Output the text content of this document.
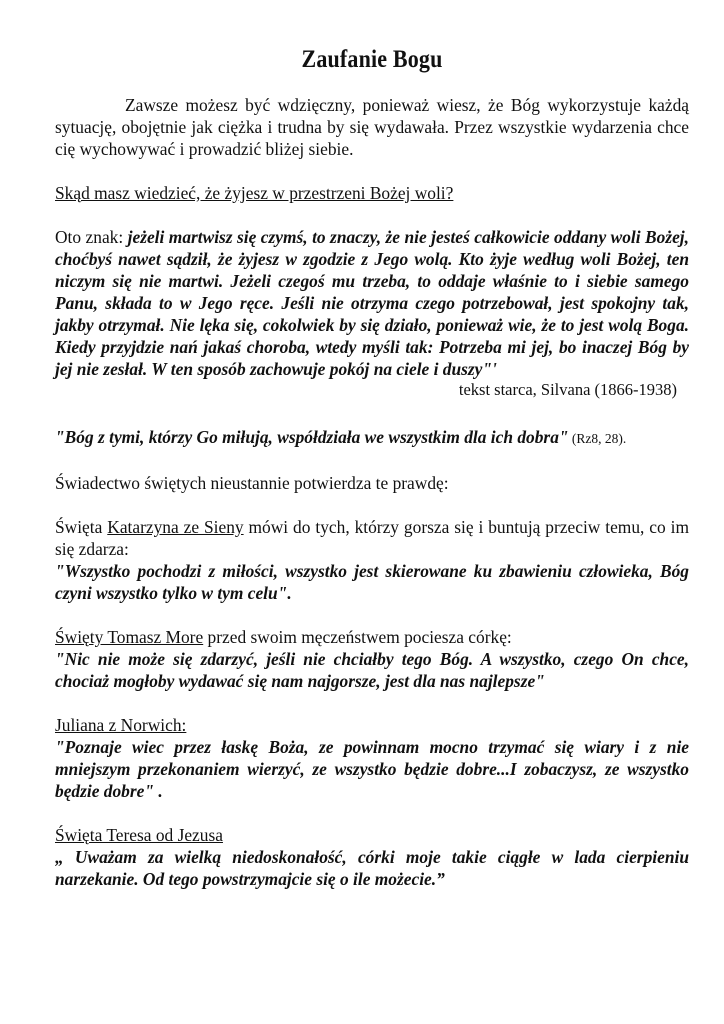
Zaufanie Bogu

Zawsze możesz być wdzięczny, ponieważ wiesz, że Bóg wykorzystuje każdą sytuację, obojętnie jak ciężka i trudna by się wydawała. Przez wszystkie wydarzenia chce cię wychowywać i prowadzić bliżej siebie.

Skąd masz wiedzieć, że żyjesz w przestrzeni Bożej woli?

Oto znak: jeżeli martwisz się czymś, to znaczy, że nie jesteś całkowicie oddany woli Bożej, choćbyś nawet sądził, że żyjesz w zgodzie z Jego wolą. Kto żyje według woli Bożej, ten niczym się nie martwi. Jeżeli czegoś mu trzeba, to oddaje właśnie to i siebie samego Panu, składa to w Jego ręce. Jeśli nie otrzyma czego potrzebował, jest spokojny tak, jakby otrzymał. Nie lęka się, cokolwiek by się działo, ponieważ wie, że to jest wolą Boga. Kiedy przyjdzie nań jakaś choroba, wtedy myśli tak: Potrzeba mi jej, bo inaczej Bóg by jej nie zesłał. W ten sposób zachowuje pokój na ciele i duszy"'

tekst starca, Silvana (1866-1938)

"Bóg z tymi, którzy Go miłują, współdziała we wszystkim dla ich dobra" (Rz8, 28).

Świadectwo świętych nieustannie potwierdza te prawdę:

Święta Katarzyna ze Sieny mówi do tych, którzy gorsza się i buntują przeciw temu, co im się zdarza:

"Wszystko pochodzi z miłości, wszystko jest skierowane ku zbawieniu człowieka, Bóg czyni wszystko tylko w tym celu".

Święty Tomasz More przed swoim męczeństwem pociesza córkę:

"Nic nie może się zdarzyć, jeśli nie chciałby tego Bóg. A wszystko, czego On chce, chociaż mogłoby wydawać się nam najgorsze, jest dla nas najlepsze"

Juliana z Norwich:

"Poznaje wiec przez łaskę Boża, ze powinnam mocno trzymać się wiary i z nie mniejszym przekonaniem wierzyć, ze wszystko będzie dobre...I zobaczysz, ze wszystko będzie dobre" .

Święta Teresa od Jezusa

„ Uważam za wielką niedoskonałość, córki moje takie ciągłe w lada cierpieniu narzekanie. Od tego powstrzymajcie się o ile możecie.”
